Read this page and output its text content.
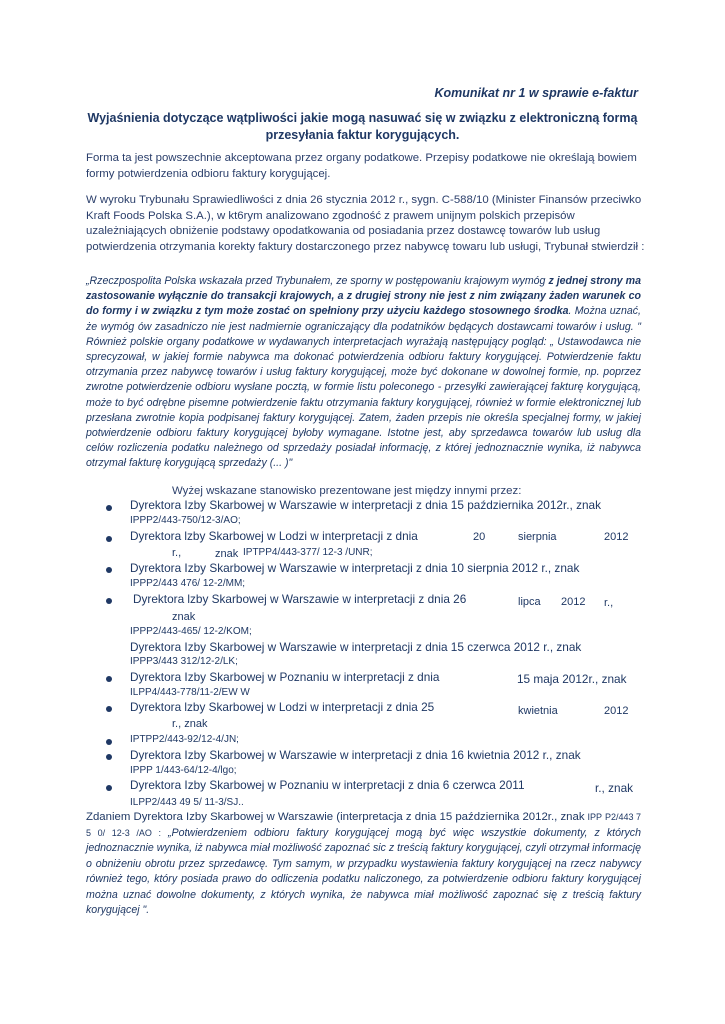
Komunikat nr 1 w sprawie e-faktur
Wyjaśnienia dotyczące wątpliwości jakie mogą nasuwać się w związku z elektroniczną formą
przesyłania faktur korygujących.

Forma ta jest powszechnie akceptowana przez organy podatkowe. Przepisy podatkowe nie określają bowiem formy potwierdzenia odbioru faktury korygującej.

W wyroku Trybunału Sprawiedliwości z dnia 26 stycznia 2012 r., sygn. C-588/10 (Minister Finansów przeciwko Kraft Foods Polska S.A.), w kt6rym analizowano zgodność z prawem unijnym polskich przepisów uzależniających obniżenie podstawy opodatkowania od posiadania przez dostawcę towarów lub usług potwierdzenia otrzymania korekty faktury dostarczonego przez nabywcę towaru lub usługi, Trybunał stwierdził :

„Rzeczpospolita Polska wskazała przed Trybunałem, ze sporny w postępowaniu krajowym wymóg z jednej strony ma zastosowanie wyłącznie do transakcji krajowych, a z drugiej strony nie jest z nim związany żaden warunek co do formy i w związku z tym może zostać on spełniony przy użyciu każdego stosownego środka. Można uznać, że wymóg ów zasadniczo nie jest nadmiernie ograniczający dla podatników będących dostawcami towarów i usług. " Również polskie organy podatkowe w wydawanych interpretacjach wyrażają następujący pogląd: „ Ustawodawca nie sprecyzował, w jakiej formie nabywca ma dokonać potwierdzenia odbioru faktury korygującej. Potwierdzenie faktu otrzymania przez nabywcę towarów i usług faktury korygującej, może być dokonane w dowolnej formie, np. poprzez zwrotne potwierdzenie odbioru wysłane pocztą, w formie listu poleconego - przesyłki zawierającej fakturę korygującą, może to być odrębne pisemne potwierdzenie faktu otrzymania faktury korygującej, również w formie elektronicznej lub przesłana zwrotnie kopia podpisanej faktury korygującej. Zatem, żaden przepis nie określa specjalnej formy, w jakiej potwierdzenie odbioru faktury korygującej byłoby wymagane. Istotne jest, aby sprzedawca towarów lub usług dla celów rozliczenia podatku należnego od sprzedaży posiadał informację, z której jednoznacznie wynika, iż nabywca otrzymał fakturę korygującą sprzedaży (... )"

Wyżej wskazane stanowisko prezentowane jest między innymi przez:
Dyrektora Izby Skarbowej w Warszawie w interpretacji z dnia 15 października 2012r., znak
IPPP2/443-750/12-3/AO;
Dyrektora lzby Skarbowej w Lodzi w interpretacji z dnia	20	sierpnia	2012
r.,	znak IPTPP4/443-377/ 12-3 /UNR;
Dyrektora Izby Skarbowej w Warszawie w interpretacji z dnia 10 sierpnia 2012 r., znak
IPPP2/443 476/ 12-2/MM;
Dyrektora lzby Skarbowej w Warszawie w interpretacji z dnia 26	lipca 2012 r.,
znak
IPPP2/443-465/ 12-2/KOM;
Dyrektora Izby Skarbowej w Warszawie w interpretacji z dnia 15 czerwca 2012 r., znak
IPPP3/443 312/12-2/LK;
Dyrektora Izby Skarbowej w Poznaniu w interpretacji z dnia	15 maja 2012r., znak
ILPP4/443-778/11-2/EW W
Dyrektora lzby Skarbowej w Lodzi w interpretacji z dnia 25	kwietnia	2012
r., znak
IPTPP2/443-92/12-4/JN;
Dyrektora Izby Skarbowej w Warszawie w interpretacji z dnia 16 kwietnia 2012 r., znak
IPPP 1/443-64/12-4/lgo;
Dyrektora Izby Skarbowej w Poznaniu w interpretacji z dnia 6 czerwca 2011	r., znak
ILPP2/443 49 5/ 11-3/SJ..

Zdaniem Dyrektora Izby Skarbowej w Warszawie (interpretacja z dnia 15 października 2012r., znak IPP P2/443 7 5 0/ 12-3 /AO : „Potwierdzeniem odbioru faktury korygującej mogą być więc wszystkie dokumenty, z których jednoznacznie wynika, iż nabywca miał możliwość zapoznać sic z treścią faktury korygującej, czyli otrzymał informację o obniżeniu obrotu przez sprzedawcę. Tym samym, w przypadku wystawienia faktury korygującej na rzecz nabywcy również tego, który posiada prawo do odliczenia podatku naliczonego, za potwierdzenie odbioru faktury korygującej można uznać dowolne dokumenty, z których wynika, że nabywca miał możliwość zapoznać się z treścią faktury korygującej ".
